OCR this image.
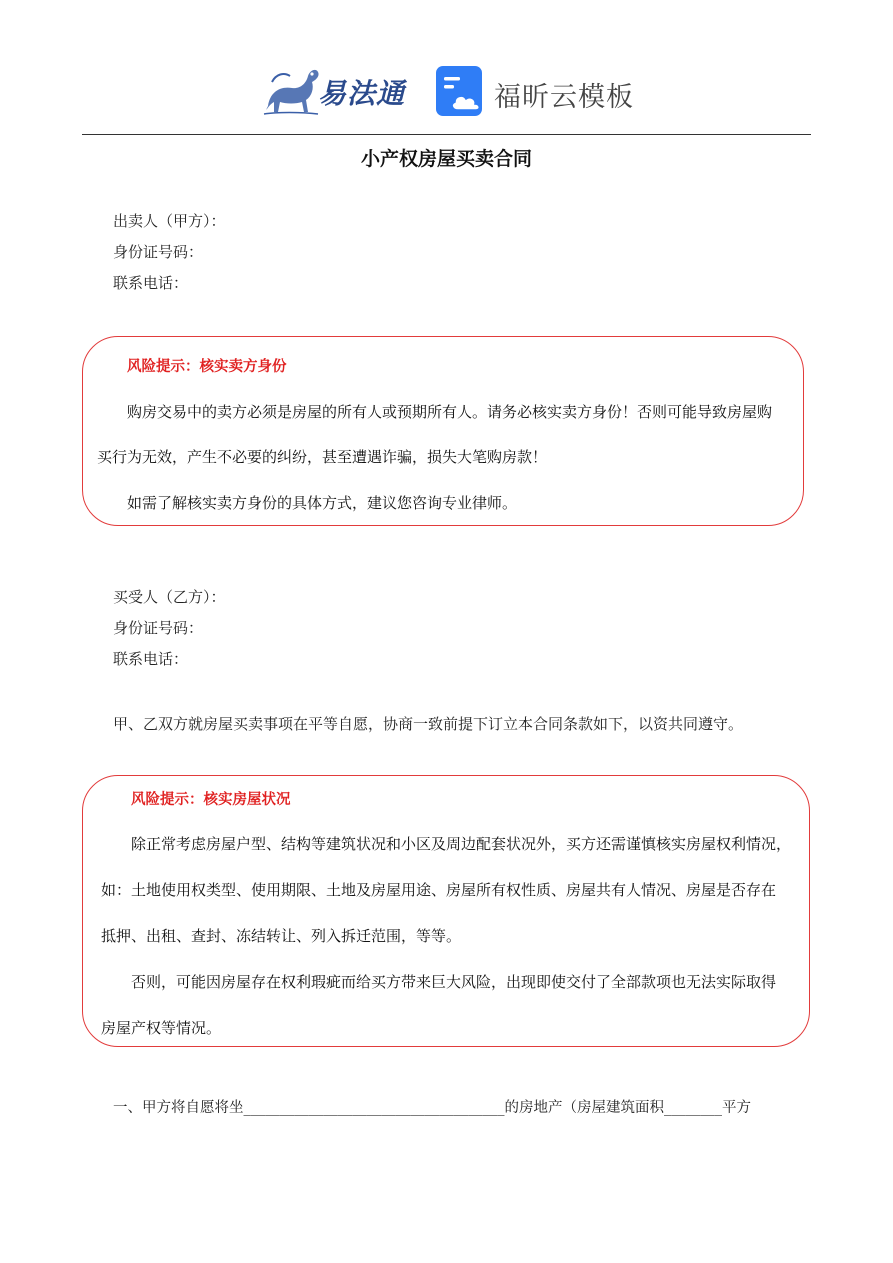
易法通	福昕云模板
小产权房屋买卖合同
出卖人（甲方）：
身份证号码：
联系电话：
风险提示：核实卖方身份
购房交易中的卖方必须是房屋的所有人或预期所有人。请务必核实卖方身份！否则可能导致房屋购
买行为无效，产生不必要的纠纷，甚至遭遇诈骗，损失大笔购房款！
如需了解核实卖方身份的具体方式，建议您咨询专业律师。
买受人（乙方）：
身份证号码：
联系电话：
甲、乙双方就房屋买卖事项在平等自愿，协商一致前提下订立本合同条款如下，以资共同遵守。
风险提示：核实房屋状况
除正常考虑房屋户型、结构等建筑状况和小区及周边配套状况外，买方还需谨慎核实房屋权利情况，
如：土地使用权类型、使用期限、土地及房屋用途、房屋所有权性质、房屋共有人情况、房屋是否存在
抵押、出租、查封、冻结转让、列入拆迁范围，等等。
否则，可能因房屋存在权利瑕疵而给买方带来巨大风险，出现即使交付了全部款项也无法实际取得
房屋产权等情况。
一、甲方将自愿将坐____________________________________的房地产（房屋建筑面积________平方
